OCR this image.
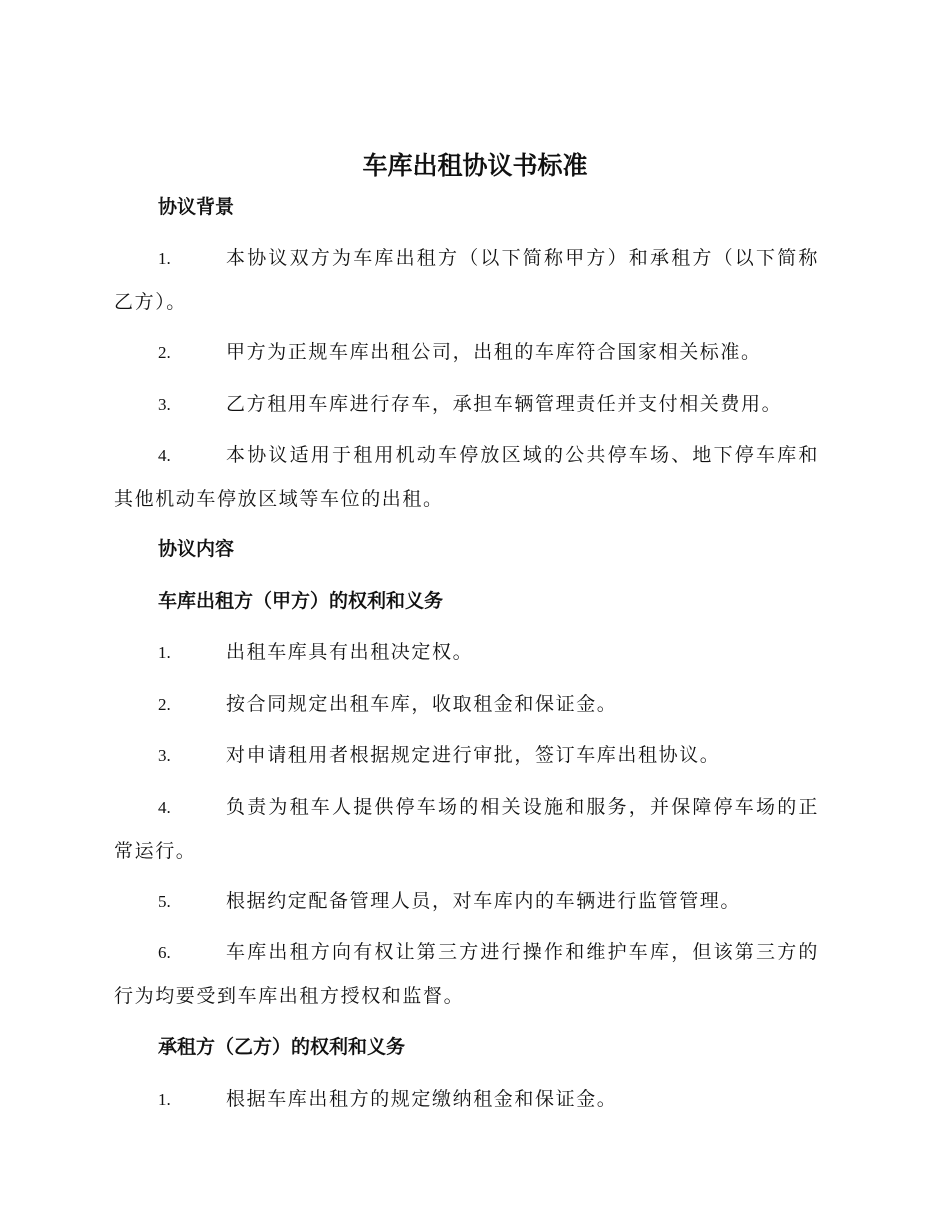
车库出租协议书标准
协议背景
1.	本协议双方为车库出租方（以下简称甲方）和承租方（以下简称
乙方）。
2.	甲方为正规车库出租公司，出租的车库符合国家相关标准。
3.	乙方租用车库进行存车，承担车辆管理责任并支付相关费用。
4.	本协议适用于租用机动车停放区域的公共停车场、地下停车库和
其他机动车停放区域等车位的出租。
协议内容
车库出租方（甲方）的权利和义务
1.	出租车库具有出租决定权。
2.	按合同规定出租车库，收取租金和保证金。
3.	对申请租用者根据规定进行审批，签订车库出租协议。
4.	负责为租车人提供停车场的相关设施和服务，并保障停车场的正
常运行。
5.	根据约定配备管理人员，对车库内的车辆进行监管管理。
6.	车库出租方向有权让第三方进行操作和维护车库，但该第三方的
行为均要受到车库出租方授权和监督。
承租方（乙方）的权利和义务
1.	根据车库出租方的规定缴纳租金和保证金。
